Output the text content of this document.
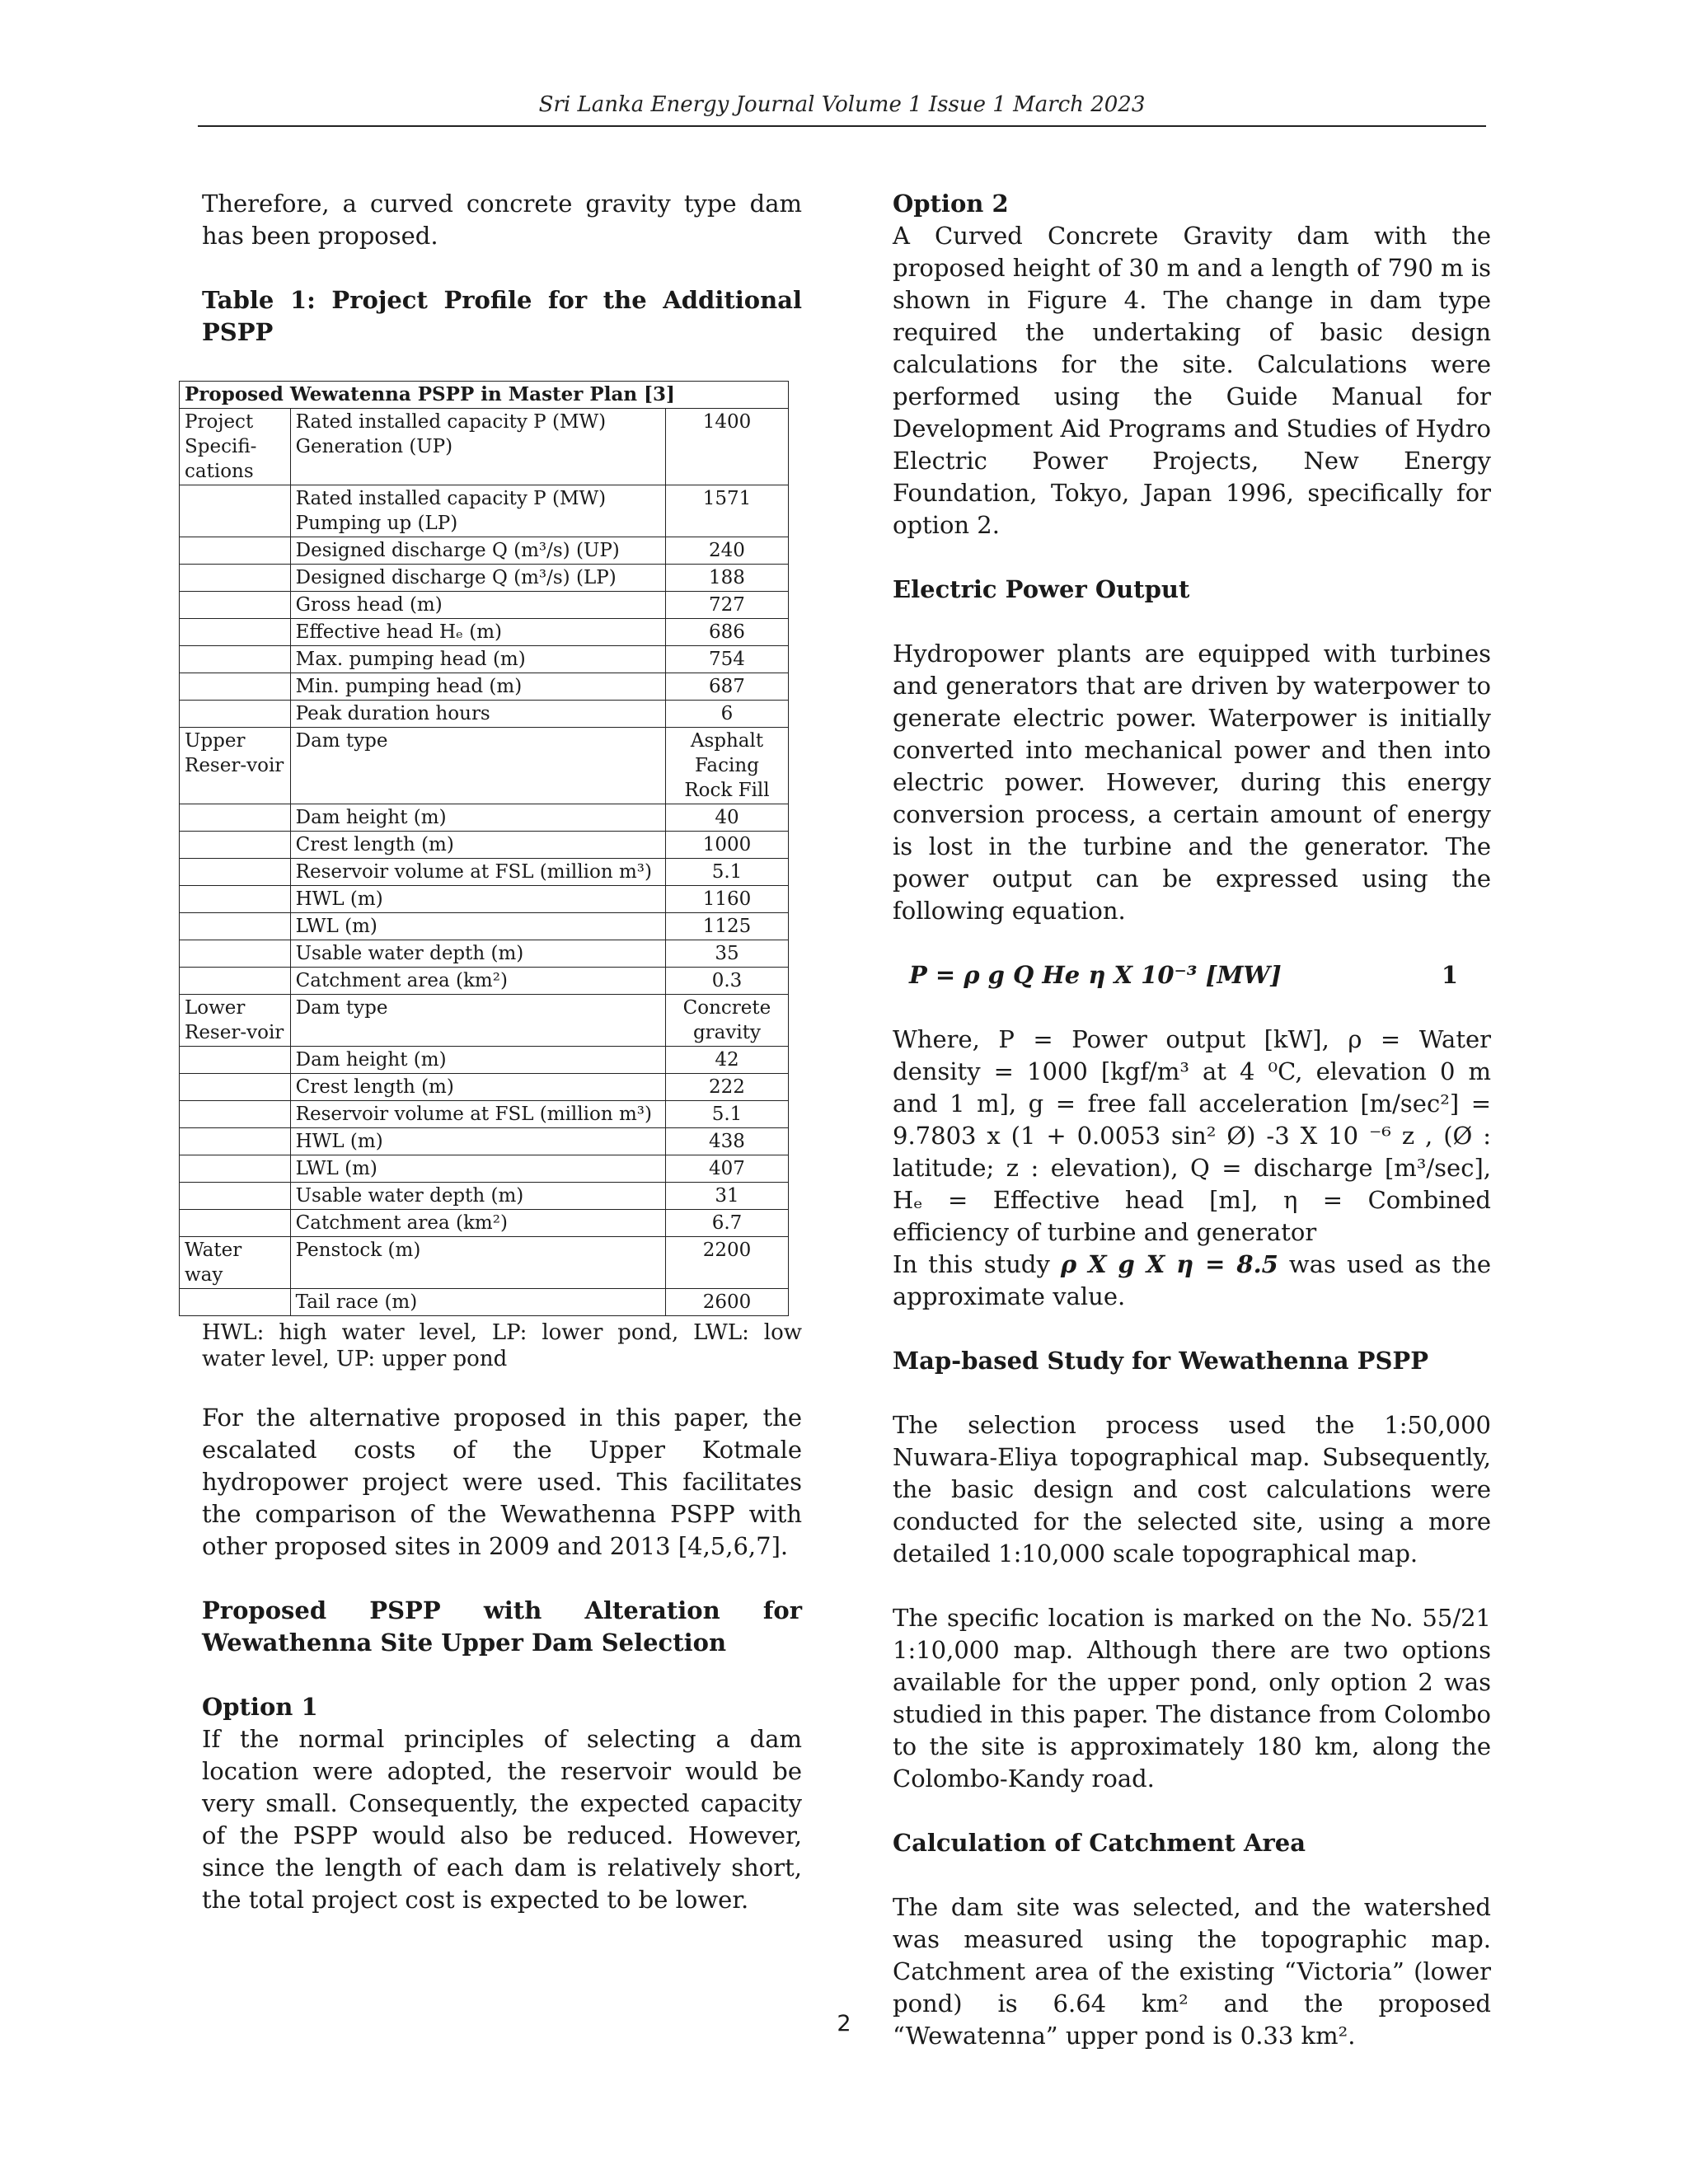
Sri Lanka Energy Journal Volume 1 Issue 1 March 2023

Therefore, a curved concrete gravity type dam has been proposed.

Table 1: Project Profile for the Additional PSPP

Proposed Wewatenna PSPP in Master Plan [3]		
Project Specifi-cations	Rated installed capacity P (MW) Generation (UP)	1400
	Rated installed capacity P (MW) Pumping up (LP)	1571
	Designed discharge Q (m³/s) (UP)	240
	Designed discharge Q (m³/s) (LP)	188
	Gross head (m)	727
	Effective head Hₑ (m)	686
	Max. pumping head (m)	754
	Min. pumping head (m)	687
	Peak duration hours	6
Upper Reser-voir	Dam type	Asphalt Facing Rock Fill
	Dam height (m)	40
	Crest length (m)	1000
	Reservoir volume at FSL (million m³)	5.1
	HWL (m)	1160
	LWL (m)	1125
	Usable water depth (m)	35
	Catchment area (km²)	0.3
Lower Reser-voir	Dam type	Concrete gravity
	Dam height (m)	42
	Crest length (m)	222
	Reservoir volume at FSL (million m³)	5.1
	HWL (m)	438
	LWL (m)	407
	Usable water depth (m)	31
	Catchment area (km²)	6.7
Water way	Penstock (m)	2200
	Tail race (m)	2600

HWL: high water level, LP: lower pond, LWL: low water level, UP: upper pond

For the alternative proposed in this paper, the escalated costs of the Upper Kotmale hydropower project were used. This facilitates the comparison of the Wewathenna PSPP with other proposed sites in 2009 and 2013 [4,5,6,7].

Proposed PSPP with Alteration for Wewathenna Site Upper Dam Selection

Option 1

If the normal principles of selecting a dam location were adopted, the reservoir would be very small. Consequently, the expected capacity of the PSPP would also be reduced. However, since the length of each dam is relatively short, the total project cost is expected to be lower.

Option 2

A Curved Concrete Gravity dam with the proposed height of 30 m and a length of 790 m is shown in Figure 4. The change in dam type required the undertaking of basic design calculations for the site. Calculations were performed using the Guide Manual for Development Aid Programs and Studies of Hydro Electric Power Projects, New Energy Foundation, Tokyo, Japan 1996, specifically for option 2.

Electric Power Output

Hydropower plants are equipped with turbines and generators that are driven by waterpower to generate electric power. Waterpower is initially converted into mechanical power and then into electric power. However, during this energy conversion process, a certain amount of energy is lost in the turbine and the generator. The power output can be expressed using the following equation.

P = ρ g Q He η X 10⁻³ [MW]	1

Where, P = Power output [kW], ρ = Water density = 1000 [kgf/m³ at 4 ⁰C, elevation 0 m and 1 m], g = free fall acceleration [m/sec²] = 9.7803 x (1 + 0.0053 sin² Ø) -3 X 10 ⁻⁶ z , (Ø : latitude; z : elevation), Q = discharge [m³/sec], Hₑ = Effective head [m], η = Combined efficiency of turbine and generator

In this study ρ X g X η = 8.5 was used as the approximate value.

Map-based Study for Wewathenna PSPP

The selection process used the 1:50,000 Nuwara-Eliya topographical map. Subsequently, the basic design and cost calculations were conducted for the selected site, using a more detailed 1:10,000 scale topographical map.

The specific location is marked on the No. 55/21 1:10,000 map. Although there are two options available for the upper pond, only option 2 was studied in this paper. The distance from Colombo to the site is approximately 180 km, along the Colombo-Kandy road.

Calculation of Catchment Area

The dam site was selected, and the watershed was measured using the topographic map. Catchment area of the existing “Victoria” (lower pond) is 6.64 km² and the proposed “Wewatenna” upper pond is 0.33 km².

2
